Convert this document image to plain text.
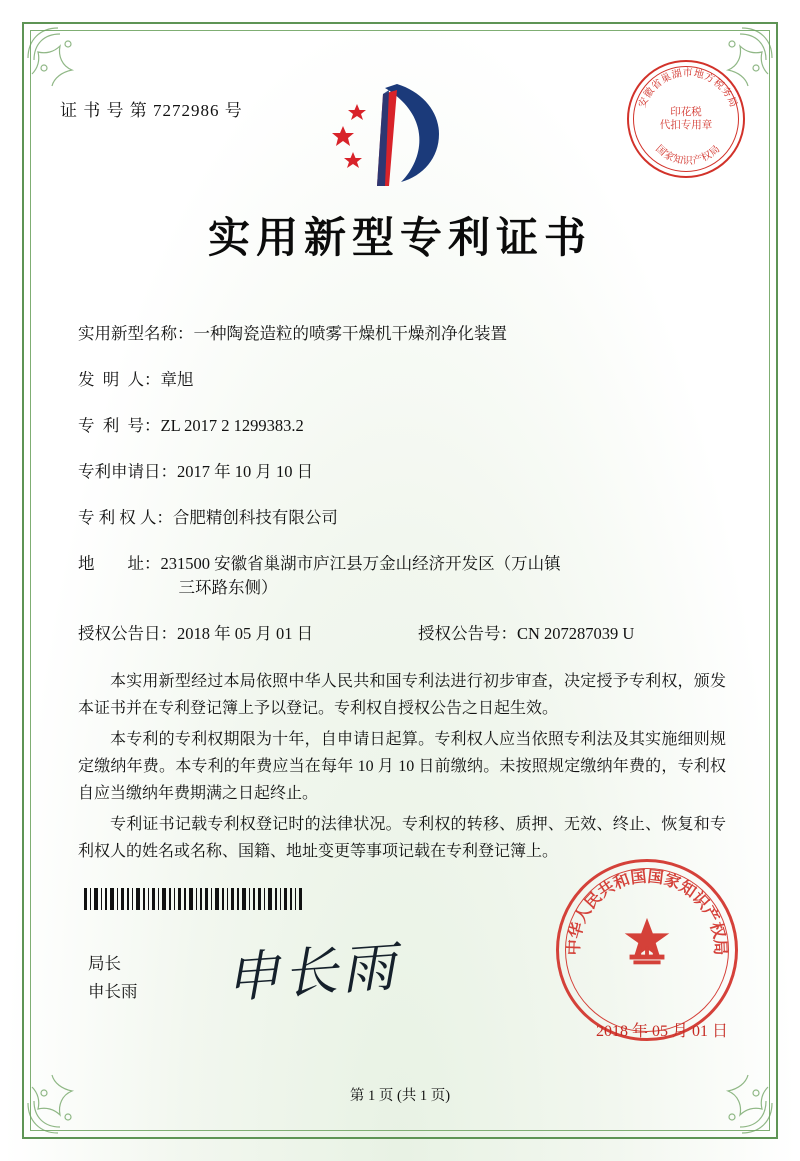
证 书 号 第 7272986 号	安徽省巢湖市地方税务局
国家知识产权局
印花税
代扣专用章
实用新型专利证书
实用新型名称： 一种陶瓷造粒的喷雾干燥机干燥剂净化装置
发  明  人： 章旭
专  利  号： ZL 2017 2 1299383.2
专利申请日： 2017 年 10 月 10 日
专 利 权 人： 合肥精创科技有限公司
地        址： 231500 安徽省巢湖市庐江县万金山经济开发区（万山镇
三环路东侧）
授权公告日：2018 年 05 月 01 日	授权公告号：CN 207287039 U

本实用新型经过本局依照中华人民共和国专利法进行初步审查，决定授予专利权，颁发本证书并在专利登记簿上予以登记。专利权自授权公告之日起生效。

本专利的专利权期限为十年，自申请日起算。专利权人应当依照专利法及其实施细则规定缴纳年费。本专利的年费应当在每年 10 月 10 日前缴纳。未按照规定缴纳年费的，专利权自应当缴纳年费期满之日起终止。

专利证书记载专利权登记时的法律状况。专利权的转移、质押、无效、终止、恢复和专利权人的姓名或名称、国籍、地址变更等事项记载在专利登记簿上。

局长
申长雨 申长雨	中华人民共和国国家知识产权局
2018 年 05 月 01 日
第 1 页 (共 1 页)
